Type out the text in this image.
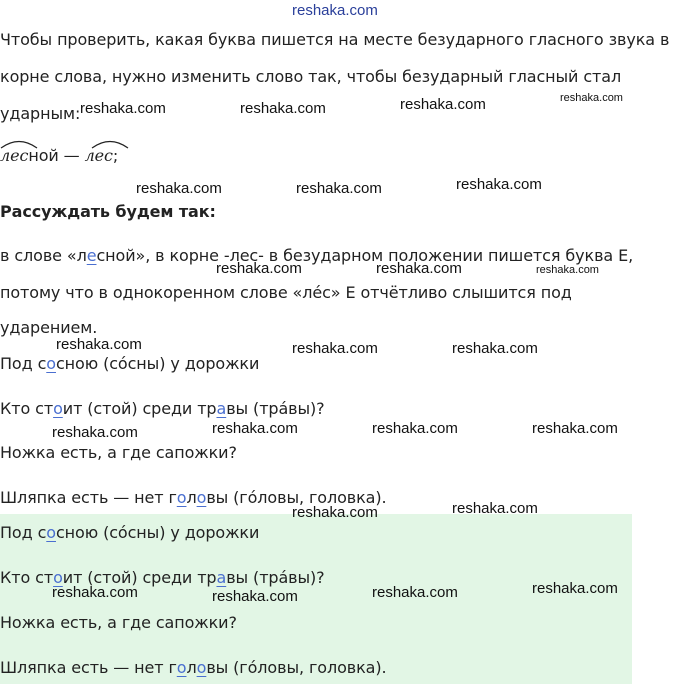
reshaka.com
Чтобы проверить, какая буква пишется на месте безударного гласного звука в
корне слова, нужно изменить слово так, чтобы безударный гласный стал
ударным:
лесной — лес;
Рассуждать будем так:
в слове «лесной», в корне -лес- в безударном положении пишется буква Е,
потому что в однокоренном слове «лéс» Е отчётливо слышится под
ударением.
Под сосною (сóсны) у дорожки
Кто стоит (стой) среди травы (трáвы)?
Ножка есть, а где сапожки?
Шляпка есть — нет головы (гóловы, головка).
Под сосною (сóсны) у дорожки
Кто стоит (стой) среди травы (трáвы)?
Ножка есть, а где сапожки?
Шляпка есть — нет головы (гóловы, головка).
reshaka.com	reshaka.com	reshaka.com	reshaka.com
reshaka.com	reshaka.com	reshaka.com
reshaka.com	reshaka.com	reshaka.com
reshaka.com	reshaka.com	reshaka.com
reshaka.com	reshaka.com	reshaka.com	reshaka.com
reshaka.com	reshaka.com
reshaka.com	reshaka.com	reshaka.com	reshaka.com
